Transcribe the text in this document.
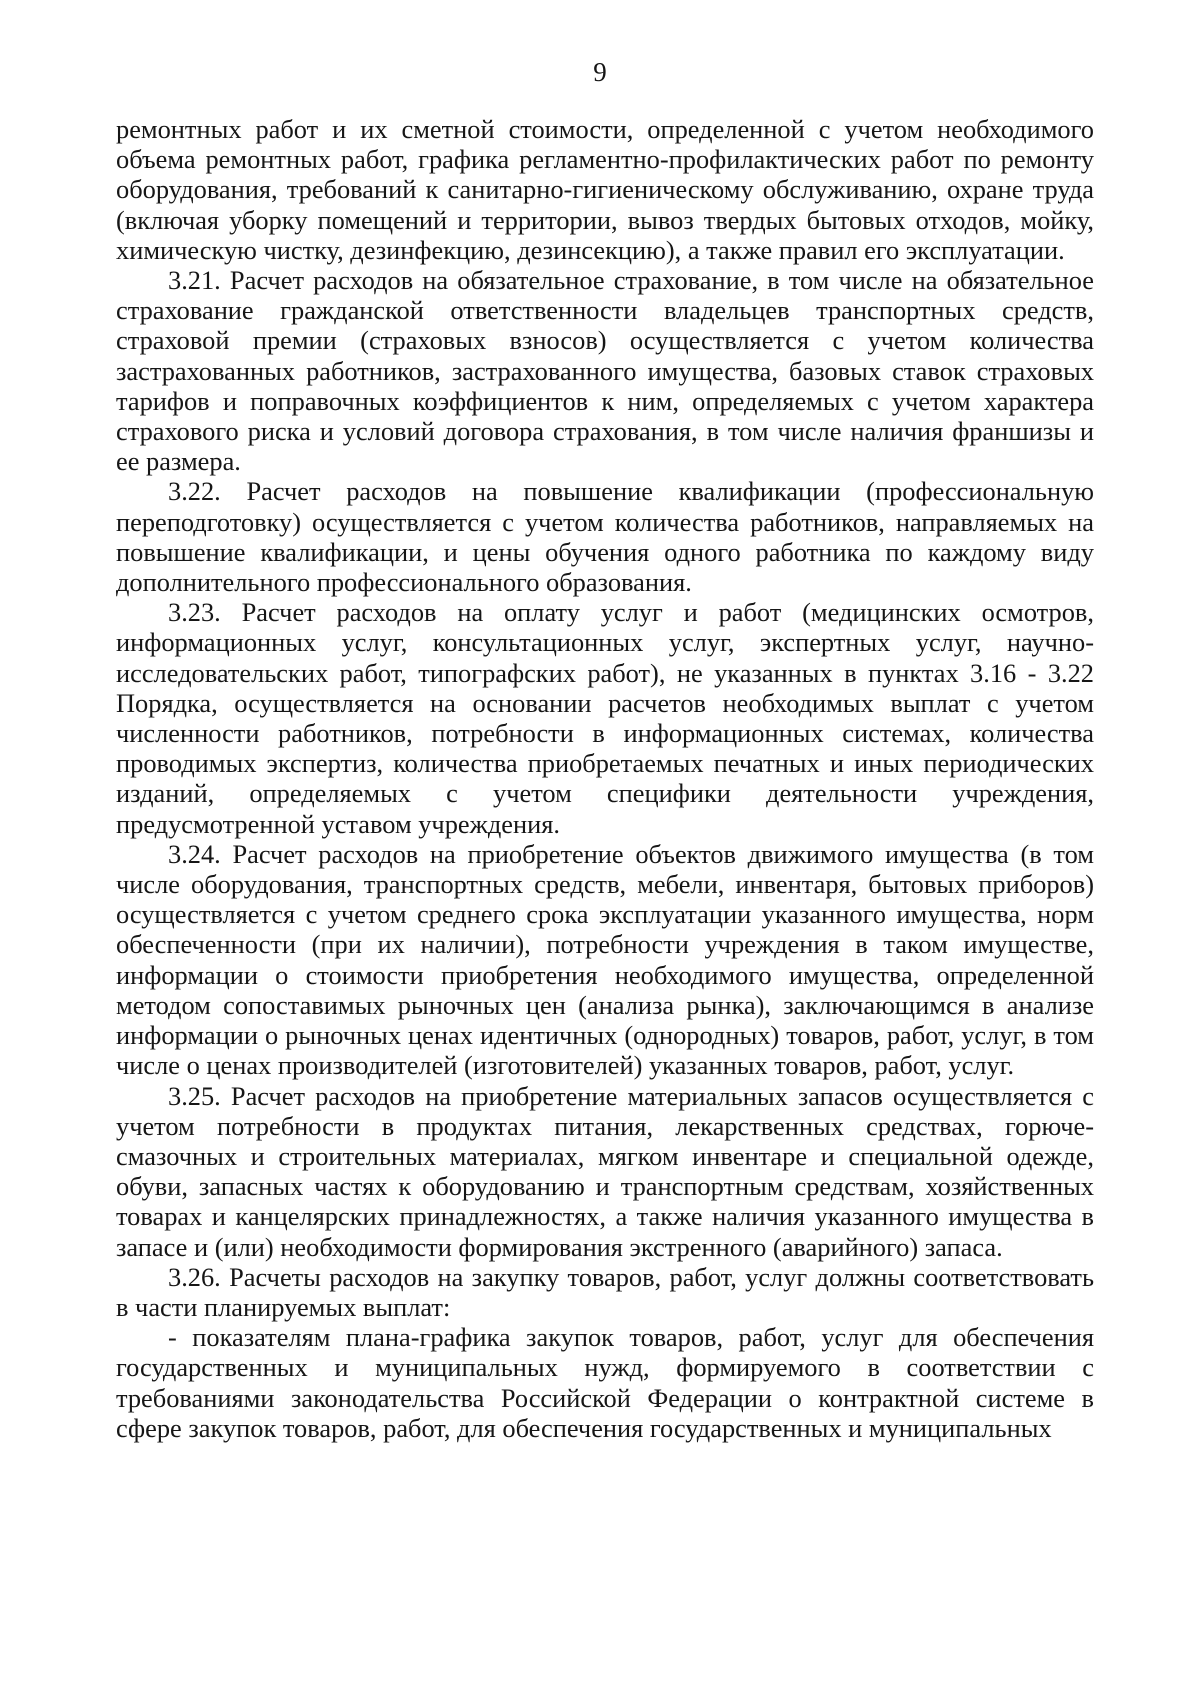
9

ремонтных работ и их сметной стоимости, определенной с учетом необходимого объема ремонтных работ, графика регламентно-профилактических работ по ремонту оборудования, требований к санитарно-гигиеническому обслуживанию, охране труда (включая уборку помещений и территории, вывоз твердых бытовых отходов, мойку, химическую чистку, дезинфекцию, дезинсекцию), а также правил его эксплуатации.

3.21. Расчет расходов на обязательное страхование, в том числе на обязательное страхование гражданской ответственности владельцев транспортных средств, страховой премии (страховых взносов) осуществляется с учетом количества застрахованных работников, застрахованного имущества, базовых ставок страховых тарифов и поправочных коэффициентов к ним, определяемых с учетом характера страхового риска и условий договора страхования, в том числе наличия франшизы и ее размера.

3.22. Расчет расходов на повышение квалификации (профессиональную переподготовку) осуществляется с учетом количества работников, направляемых на повышение квалификации, и цены обучения одного работника по каждому виду дополнительного профессионального образования.

3.23. Расчет расходов на оплату услуг и работ (медицинских осмотров, информационных услуг, консультационных услуг, экспертных услуг, научно-исследовательских работ, типографских работ), не указанных в пунктах 3.16 - 3.22 Порядка, осуществляется на основании расчетов необходимых выплат с учетом численности работников, потребности в информационных системах, количества проводимых экспертиз, количества приобретаемых печатных и иных периодических изданий, определяемых с учетом специфики деятельности учреждения, предусмотренной уставом учреждения.

3.24. Расчет расходов на приобретение объектов движимого имущества (в том числе оборудования, транспортных средств, мебели, инвентаря, бытовых приборов) осуществляется с учетом среднего срока эксплуатации указанного имущества, норм обеспеченности (при их наличии), потребности учреждения в таком имуществе, информации о стоимости приобретения необходимого имущества, определенной методом сопоставимых рыночных цен (анализа рынка), заключающимся в анализе информации о рыночных ценах идентичных (однородных) товаров, работ, услуг, в том числе о ценах производителей (изготовителей) указанных товаров, работ, услуг.

3.25. Расчет расходов на приобретение материальных запасов осуществляется с учетом потребности в продуктах питания, лекарственных средствах, горюче-смазочных и строительных материалах, мягком инвентаре и специальной одежде, обуви, запасных частях к оборудованию и транспортным средствам, хозяйственных товарах и канцелярских принадлежностях, а также наличия указанного имущества в запасе и (или) необходимости формирования экстренного (аварийного) запаса.

3.26. Расчеты расходов на закупку товаров, работ, услуг должны соответствовать в части планируемых выплат:

- показателям плана-графика закупок товаров, работ, услуг для обеспечения государственных и муниципальных нужд, формируемого в соответствии с требованиями законодательства Российской Федерации о контрактной системе в сфере закупок товаров, работ, для обеспечения государственных и муниципальных
